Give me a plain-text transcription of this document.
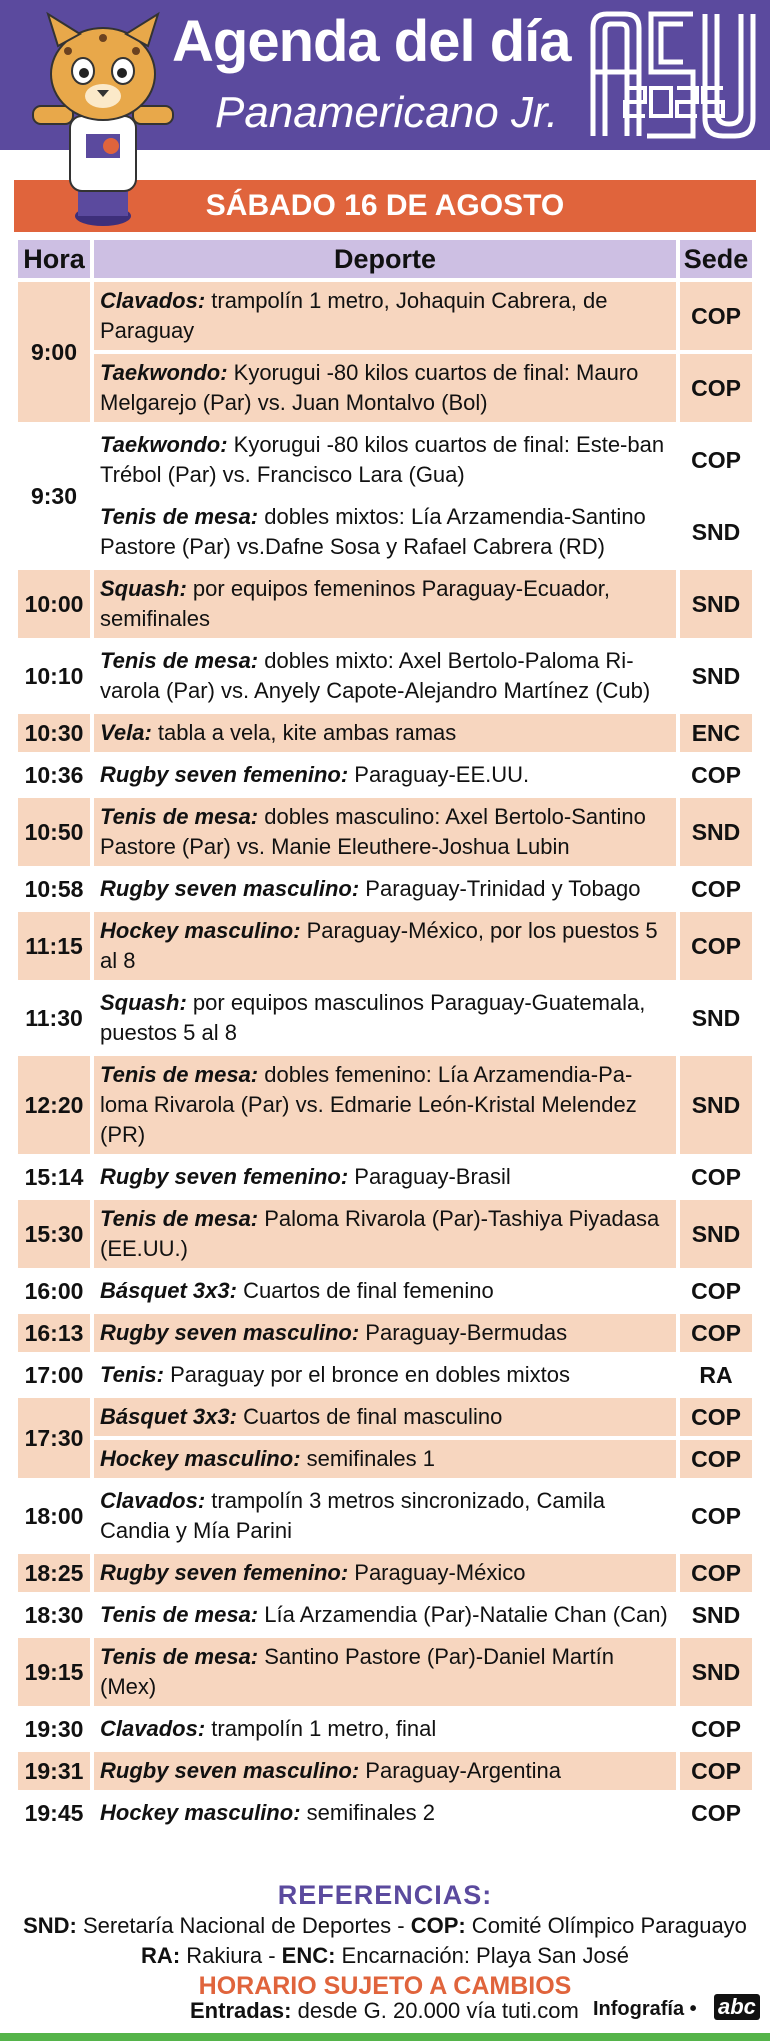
Agenda del día
Panamericano Jr.
SÁBADO 16 DE AGOSTO
Hora	Deporte	Sede
9:00	Clavados: trampolín 1 metro, Johaquin Cabrera, de Paraguay	COP
	Taekwondo: Kyorugui -80 kilos cuartos de final: Mauro Melgarejo (Par) vs. Juan Montalvo (Bol)	COP
9:30	Taekwondo: Kyorugui -80 kilos cuartos de final: Este-ban Trébol (Par) vs. Francisco Lara (Gua)	COP
	Tenis de mesa: dobles mixtos: Lía Arzamendia-Santino Pastore (Par) vs.Dafne Sosa y Rafael Cabrera (RD)	SND
10:00	Squash: por equipos femeninos Paraguay-Ecuador, semifinales	SND
10:10	Tenis de mesa: dobles mixto: Axel Bertolo-Paloma Ri-varola (Par) vs. Anyely Capote-Alejandro Martínez (Cub)	SND
10:30	Vela: tabla a vela, kite ambas ramas	ENC
10:36	Rugby seven femenino: Paraguay-EE.UU.	COP
10:50	Tenis de mesa: dobles masculino: Axel Bertolo-Santino Pastore (Par) vs. Manie Eleuthere-Joshua Lubin	SND
10:58	Rugby seven masculino: Paraguay-Trinidad y Tobago	COP
11:15	Hockey masculino: Paraguay-México, por los puestos 5 al 8	COP
11:30	Squash: por equipos masculinos Paraguay-Guatemala, puestos 5 al 8	SND
12:20	Tenis de mesa: dobles femenino: Lía Arzamendia-Pa-loma Rivarola (Par) vs. Edmarie León-Kristal Melendez (PR)	SND
15:14	Rugby seven femenino: Paraguay-Brasil	COP
15:30	Tenis de mesa: Paloma Rivarola (Par)-Tashiya Piyadasa (EE.UU.)	SND
16:00	Básquet 3x3: Cuartos de final femenino	COP
16:13	Rugby seven masculino: Paraguay-Bermudas	COP
17:00	Tenis: Paraguay por el bronce en dobles mixtos	RA
17:30	Básquet 3x3: Cuartos de final masculino	COP
	Hockey masculino: semifinales 1	COP
18:00	Clavados: trampolín 3 metros sincronizado, Camila Candia y Mía Parini	COP
18:25	Rugby seven femenino: Paraguay-México	COP
18:30	Tenis de mesa: Lía Arzamendia (Par)-Natalie Chan (Can)	SND
19:15	Tenis de mesa: Santino Pastore (Par)-Daniel Martín (Mex)	SND
19:30	Clavados: trampolín 1 metro, final	COP
19:31	Rugby seven masculino: Paraguay-Argentina	COP
19:45	Hockey masculino: semifinales 2	COP
REFERENCIAS:
SND: Seretaría Nacional de Deportes - COP: Comité Olímpico Paraguayo
RA: Rakiura - ENC: Encarnación: Playa San José
HORARIO SUJETO A CAMBIOS
Entradas: desde G. 20.000 vía tuti.com Infografía • abc
